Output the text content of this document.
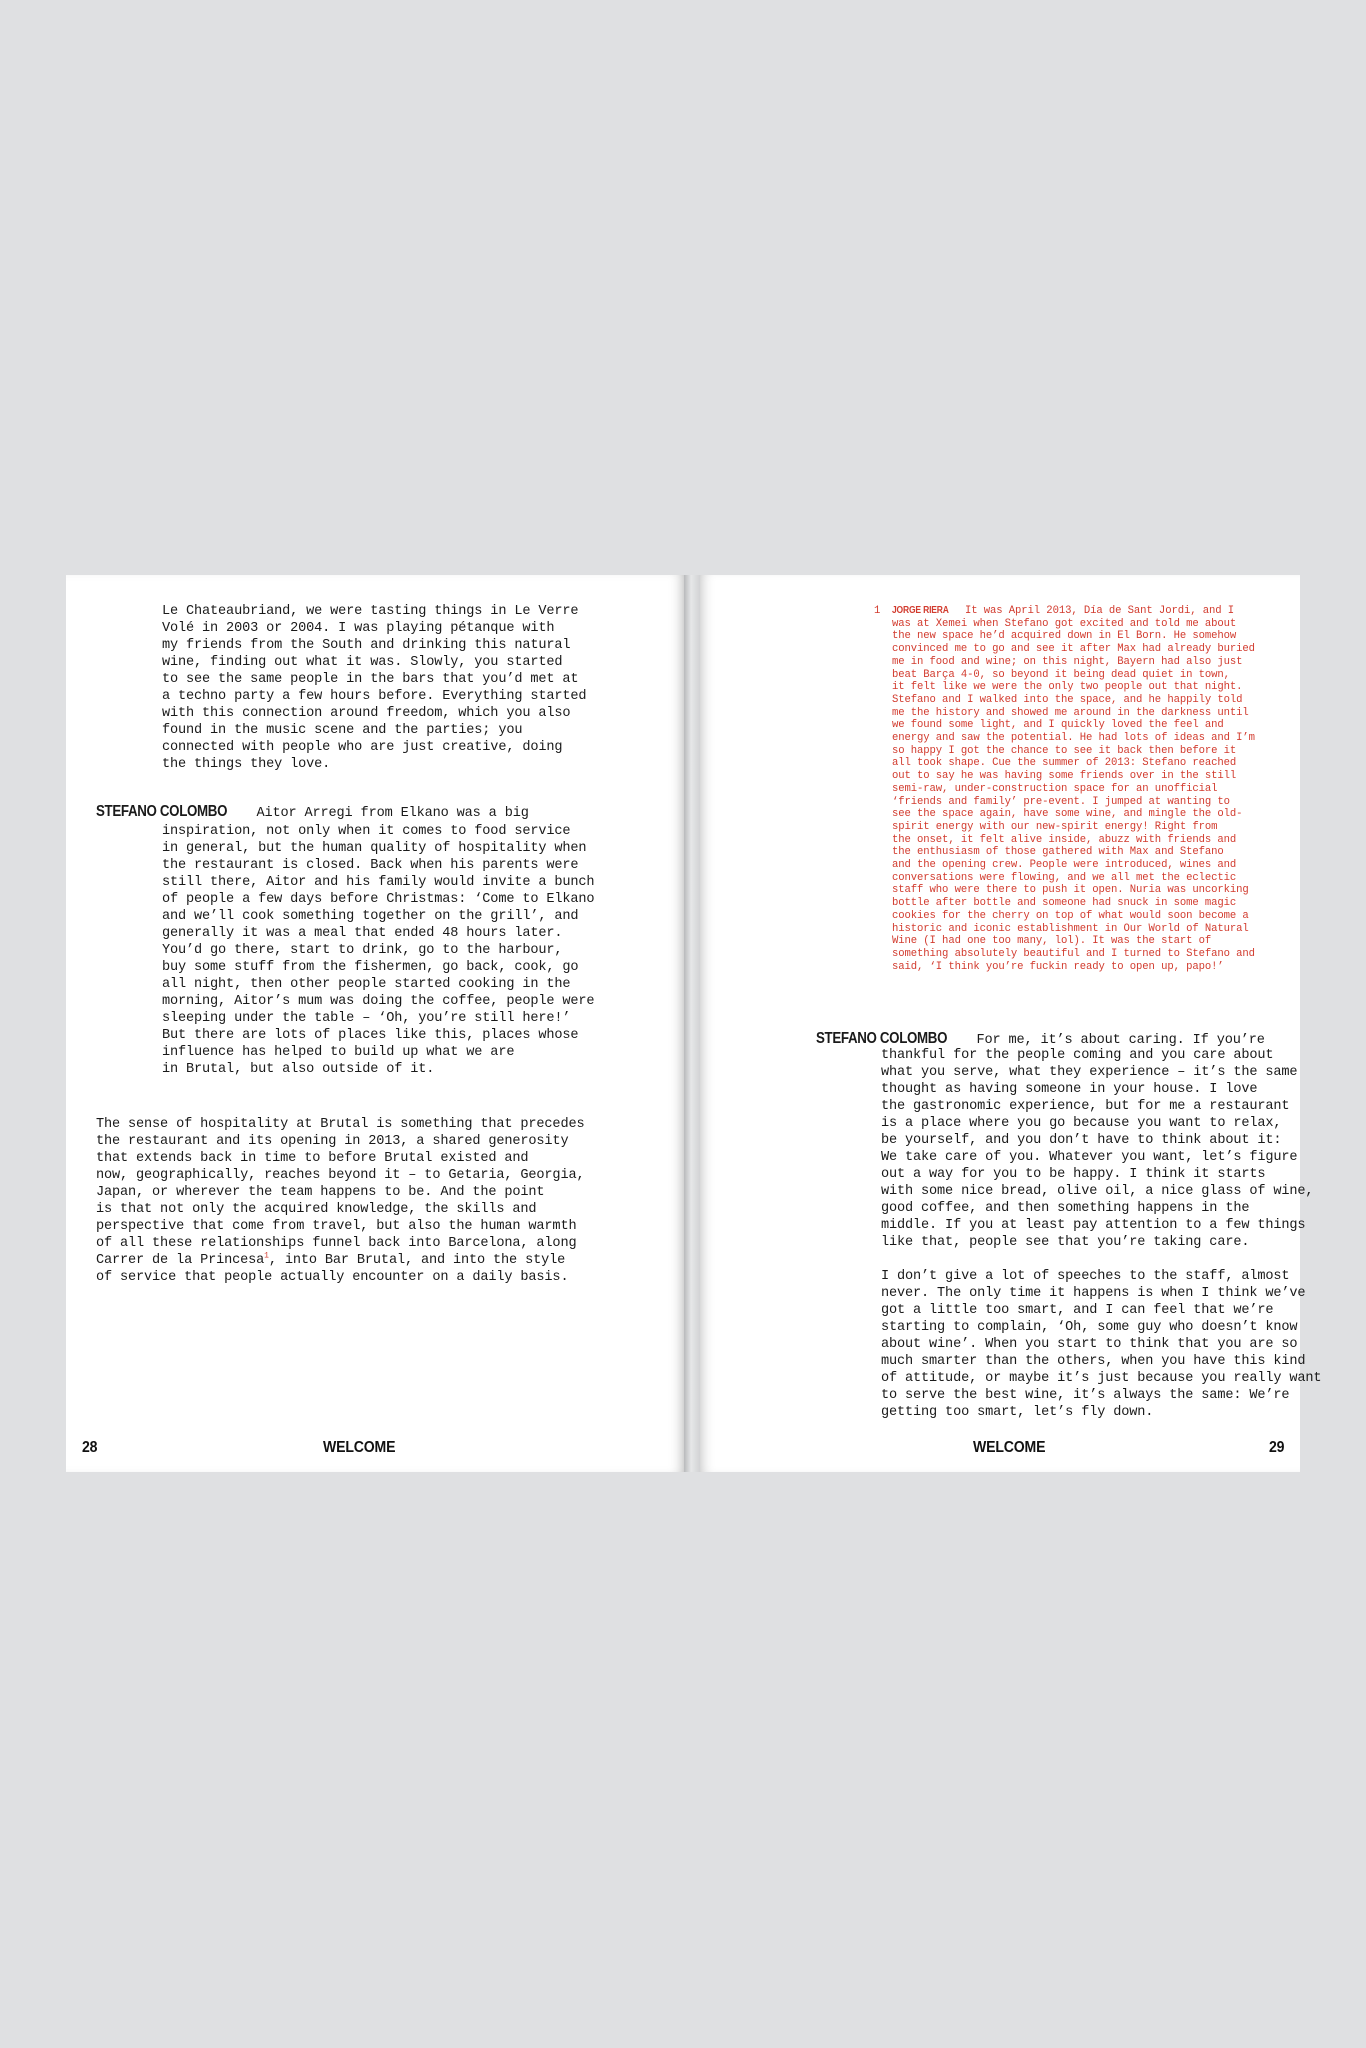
Le Chateaubriand, we were tasting things in Le Verre
Volé in 2003 or 2004. I was playing pétanque with
my friends from the South and drinking this natural
wine, finding out what it was. Slowly, you started
to see the same people in the bars that you’d met at
a techno party a few hours before. Everything started
with this connection around freedom, which you also
found in the music scene and the parties; you
connected with people who are just creative, doing
the things they love.
STEFANO COLOMBO Aitor Arregi from Elkano was a big
inspiration, not only when it comes to food service
in general, but the human quality of hospitality when
the restaurant is closed. Back when his parents were
still there, Aitor and his family would invite a bunch
of people a few days before Christmas: ‘Come to Elkano
and we’ll cook something together on the grill’, and
generally it was a meal that ended 48 hours later.
You’d go there, start to drink, go to the harbour,
buy some stuff from the fishermen, go back, cook, go
all night, then other people started cooking in the
morning, Aitor’s mum was doing the coffee, people were
sleeping under the table – ‘Oh, you’re still here!’
But there are lots of places like this, places whose
influence has helped to build up what we are
in Brutal, but also outside of it.
The sense of hospitality at Brutal is something that precedes
the restaurant and its opening in 2013, a shared generosity
that extends back in time to before Brutal existed and
now, geographically, reaches beyond it – to Getaria, Georgia,
Japan, or wherever the team happens to be. And the point
is that not only the acquired knowledge, the skills and
perspective that come from travel, but also the human warmth
of all these relationships funnel back into Barcelona, along
Carrer de la Princesa$^1$, into Bar Brutal, and into the style
of service that people actually encounter on a daily basis.
28	WELCOME
1 JORGE RIERA It was April 2013, Día de Sant Jordi, and I
was at Xemei when Stefano got excited and told me about
the new space he’d acquired down in El Born. He somehow
convinced me to go and see it after Max had already buried
me in food and wine; on this night, Bayern had also just
beat Barça 4-0, so beyond it being dead quiet in town,
it felt like we were the only two people out that night.
Stefano and I walked into the space, and he happily told
me the history and showed me around in the darkness until
we found some light, and I quickly loved the feel and
energy and saw the potential. He had lots of ideas and I’m
so happy I got the chance to see it back then before it
all took shape. Cue the summer of 2013: Stefano reached
out to say he was having some friends over in the still
semi-raw, under-construction space for an unofficial
‘friends and family’ pre-event. I jumped at wanting to
see the space again, have some wine, and mingle the old-
spirit energy with our new-spirit energy! Right from
the onset, it felt alive inside, abuzz with friends and
the enthusiasm of those gathered with Max and Stefano
and the opening crew. People were introduced, wines and
conversations were flowing, and we all met the eclectic
staff who were there to push it open. Nuria was uncorking
bottle after bottle and someone had snuck in some magic
cookies for the cherry on top of what would soon become a
historic and iconic establishment in Our World of Natural
Wine (I had one too many, lol). It was the start of
something absolutely beautiful and I turned to Stefano and
said, ‘I think you’re fuckin ready to open up, papo!’
STEFANO COLOMBO For me, it’s about caring. If you’re
thankful for the people coming and you care about
what you serve, what they experience – it’s the same
thought as having someone in your house. I love
the gastronomic experience, but for me a restaurant
is a place where you go because you want to relax,
be yourself, and you don’t have to think about it:
We take care of you. Whatever you want, let’s figure
out a way for you to be happy. I think it starts
with some nice bread, olive oil, a nice glass of wine,
good coffee, and then something happens in the
middle. If you at least pay attention to a few things
like that, people see that you’re taking care.
I don’t give a lot of speeches to the staff, almost
never. The only time it happens is when I think we’ve
got a little too smart, and I can feel that we’re
starting to complain, ‘Oh, some guy who doesn’t know
about wine’. When you start to think that you are so
much smarter than the others, when you have this kind
of attitude, or maybe it’s just because you really want
to serve the best wine, it’s always the same: We’re
getting too smart, let’s fly down.
WELCOME	29
